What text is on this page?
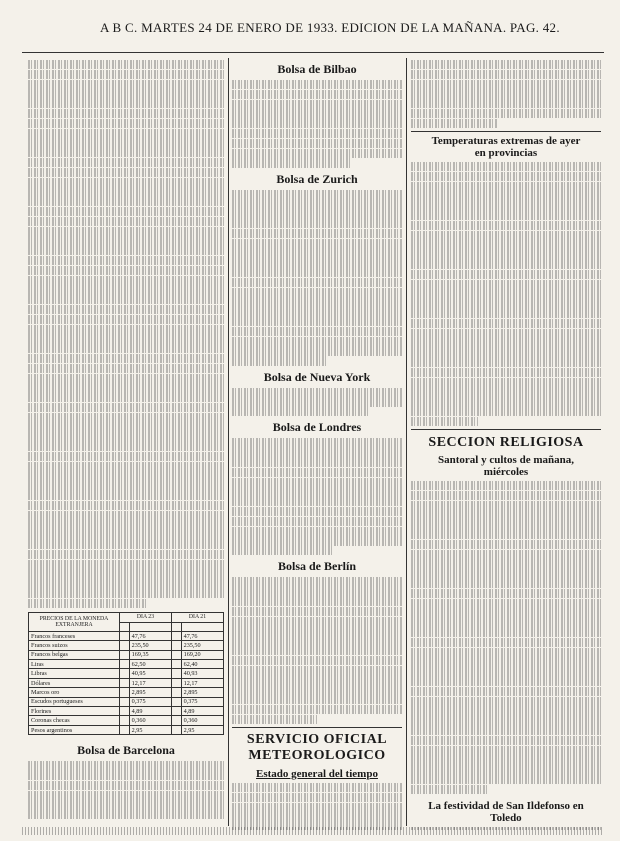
A B C. MARTES 24 DE ENERO DE 1933. EDICION DE LA MAÑANA. PAG. 42.
PRECIOS DE LA MONEDA EXTRANJERA	DIA 23		DIA 21	

Francos franceses		47,76		47,76
Francos suizos		235,50		235,50
Francos belgas		169,35		169,20
Liras		62,50		62,40
Libras		40,95		40,93
Dólares		12,17		12,17
Marcos oro		2,895		2,895
Escudos portugueses		0,375		0,375
Florines		4,89		4,89
Coronas checas		0,360		0,360
Pesos argentinos		2,95		2,95
Bolsa de Barcelona
Bolsa de Bilbao
Bolsa de Zurich
Bolsa de Nueva York
Bolsa de Londres
Bolsa de Berlín
SERVICIO OFICIAL
METEOROLOGICO
Estado general del tiempo
Temperaturas extremas de ayer
en provincias
SECCION RELIGIOSA
Santoral y cultos de mañana,
miércoles
La festividad de San Ildefonso en
Toledo
